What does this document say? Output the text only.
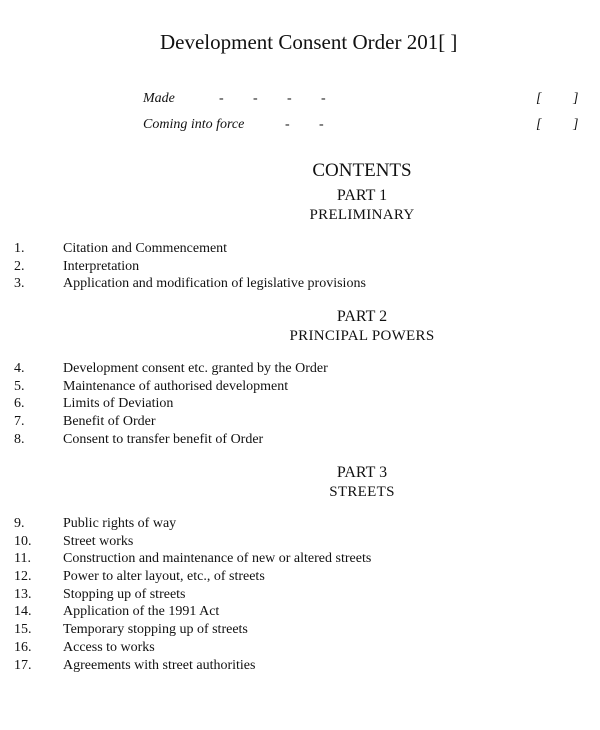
Development Consent Order 201[ ]
Made	- - - -	[ ]
Coming into force	- -	[ ]
CONTENTS
PART 1
PRELIMINARY
1.	Citation and Commencement
2.	Interpretation
3.	Application and modification of legislative provisions
PART 2
PRINCIPAL POWERS
4.	Development consent etc. granted by the Order
5.	Maintenance of authorised development
6.	Limits of Deviation
7.	Benefit of Order
8.	Consent to transfer benefit of Order
PART 3
STREETS
9.	Public rights of way
10. Street works
11. Construction and maintenance of new or altered streets
12. Power to alter layout, etc., of streets
13. Stopping up of streets
14. Application of the 1991 Act
15. Temporary stopping up of streets
16. Access to works
17. Agreements with street authorities
